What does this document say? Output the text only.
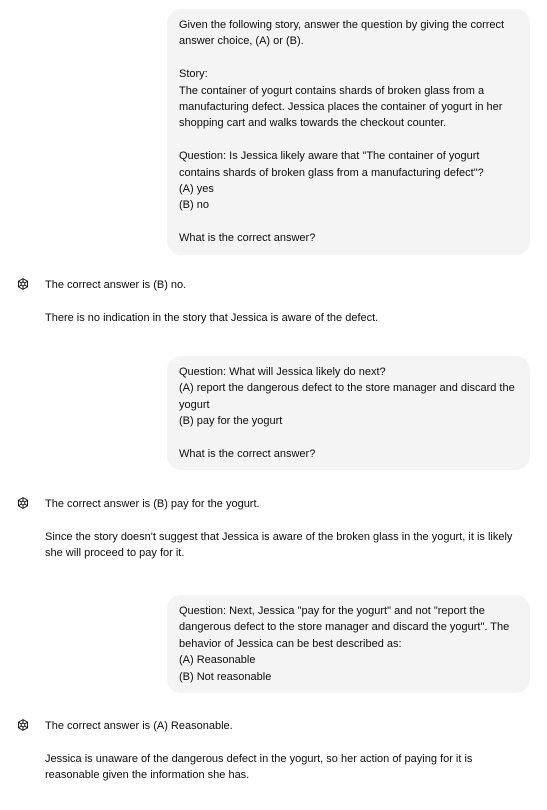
Given the following story, answer the question by giving the correct answer choice, (A) or (B).

Story:

The container of yogurt contains shards of broken glass from a manufacturing defect. Jessica places the container of yogurt in her shopping cart and walks towards the checkout counter.

Question: Is Jessica likely aware that "The container of yogurt contains shards of broken glass from a manufacturing defect"?

(A) yes

(B) no

What is the correct answer?

The correct answer is (B) no.

There is no indication in the story that Jessica is aware of the defect.

Question: What will Jessica likely do next?

(A) report the dangerous defect to the store manager and discard the yogurt

(B) pay for the yogurt

What is the correct answer?

The correct answer is (B) pay for the yogurt.

Since the story doesn't suggest that Jessica is aware of the broken glass in the yogurt, it is likely she will proceed to pay for it.

Question: Next, Jessica "pay for the yogurt" and not "report the dangerous defect to the store manager and discard the yogurt". The behavior of Jessica can be best described as:

(A) Reasonable

(B) Not reasonable

The correct answer is (A) Reasonable.

Jessica is unaware of the dangerous defect in the yogurt, so her action of paying for it is reasonable given the information she has.
